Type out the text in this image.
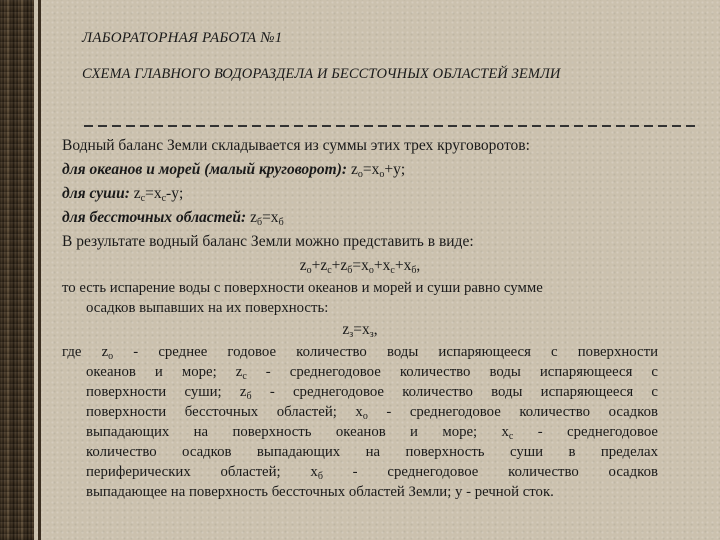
ЛАБОРАТОРНАЯ РАБОТА №1
СХЕМА ГЛАВНОГО ВОДОРАЗДЕЛА И БЕССТОЧНЫХ ОБЛАСТЕЙ ЗЕМЛИ
Водный баланс Земли складывается из суммы этих трех круговоротов:
для океанов и морей (малый круговорот): $z_о=x_о+y$;
для суши: $z_с=x_с-y$;
для бессточных областей: $z_б=x_б$
В результате водный баланс Земли можно представить в виде:
$z_о+z_с+z_б=x_о+x_с+x_б$,
то есть испарение воды с поверхности океанов и морей и суши равно сумме
осадков выпавших на их поверхность:
$z_з=x_з$,
где $z_о$ - среднее годовое количество воды испаряющееся с поверхности
океанов и море; $z_с$ - среднегодовое количество воды испаряющееся с
поверхности суши; $z_б$ - среднегодовое количество воды испаряющееся с
поверхности бессточных областей; $x_о$ - среднегодовое количество осадков
выпадающих на поверхность океанов и море; $x_с$ - среднегодовое
количество осадков выпадающих на поверхность суши в пределах
периферических областей; $x_б$ - среднегодовое количество осадков
выпадающее на поверхность бессточных областей Земли; y - речной сток.
